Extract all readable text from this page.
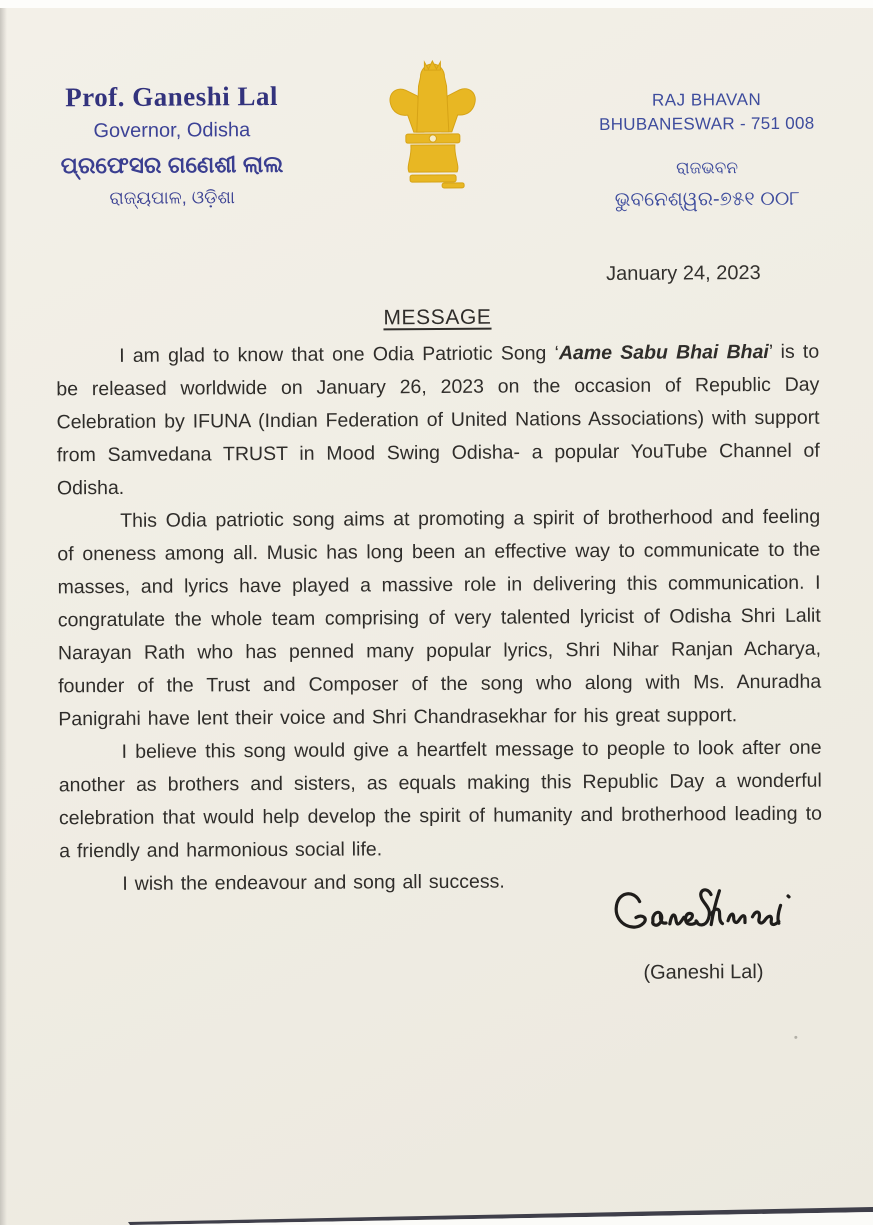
Prof. Ganeshi Lal
Governor, Odisha
ପ୍ରଫେସର ଗଣେଶୀ ଲାଲ
ରାଜ୍ୟପାଳ, ଓଡ଼ିଶା
RAJ BHAVAN
BHUBANESWAR - 751 008
ରାଜଭବନ
ଭୁବନେଶ୍ୱର-୭୫୧ ୦୦୮
January 24, 2023
MESSAGE

I am glad to know that one Odia Patriotic Song ‘Aame Sabu Bhai Bhai’ is to be released worldwide on January 26, 2023 on the occasion of Republic Day Celebration by IFUNA (Indian Federation of United Nations Associations) with support from Samvedana TRUST in Mood Swing Odisha- a popular YouTube Channel of Odisha.

This Odia patriotic song aims at promoting a spirit of brotherhood and feeling of oneness among all. Music has long been an effective way to communicate to the masses, and lyrics have played a massive role in delivering this communication. I congratulate the whole team comprising of very talented lyricist of Odisha Shri Lalit Narayan Rath who has penned many popular lyrics, Shri Nihar Ranjan Acharya, founder of the Trust and Composer of the song who along with Ms. Anuradha Panigrahi have lent their voice and Shri Chandrasekhar for his great support.

I believe this song would give a heartfelt message to people to look after one another as brothers and sisters, as equals making this Republic Day a wonderful celebration that would help develop the spirit of humanity and brotherhood leading to a friendly and harmonious social life.

I wish the endeavour and song all success.

(Ganeshi Lal)
